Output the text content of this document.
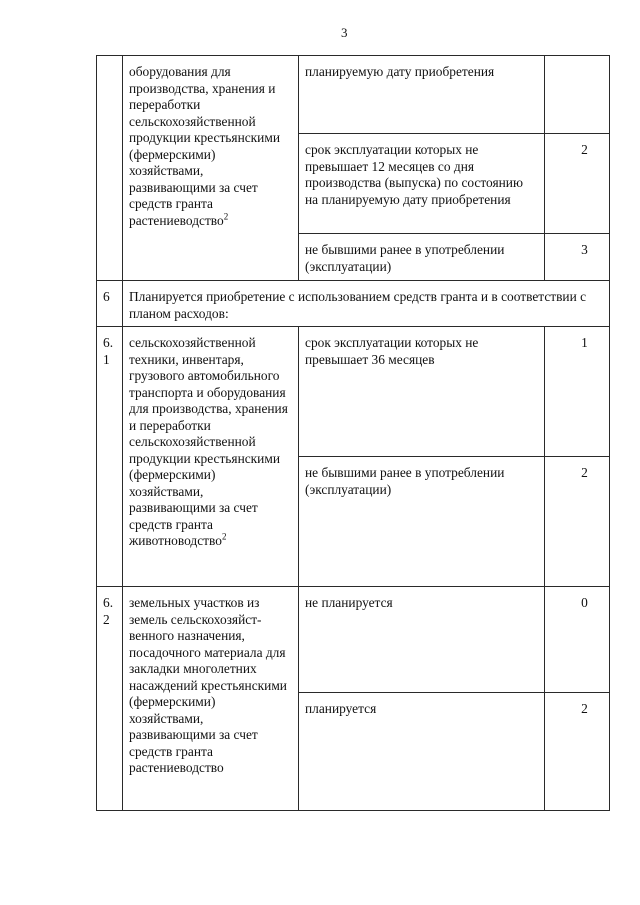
3
	оборудования для производства, хранения и переработки сельскохозяйственной продукции крестьянскими (фермерскими) хозяйствами, развивающими за счет средств гранта растениеводство$^2$	планируемую дату приобретения	
		срок эксплуатации которых не превышает 12 месяцев со дня производства (выпуска) по состоянию на планируемую дату приобретения	2
		не бывшими ранее в употреблении (эксплуатации)	3
6	Планируется приобретение с использованием средств гранта и в соответствии с планом расходов:		
6.1	сельскохозяйственной техники, инвентаря, грузового автомобильного транспорта и оборудования для производства, хранения и переработки сельскохозяйственной продукции крестьянскими (фермерскими) хозяйствами, развивающими за счет средств гранта животноводство$^2$	срок эксплуатации которых не превышает 36 месяцев	1
		не бывшими ранее в употреблении (эксплуатации)	2
6.2	земельных участков из земель сельскохозяйст-венного назначения, посадочного материала для закладки многолетних насаждений крестьянскими (фермерскими) хозяйствами, развивающими за счет средств гранта растениеводство	не планируется	0
		планируется	2
